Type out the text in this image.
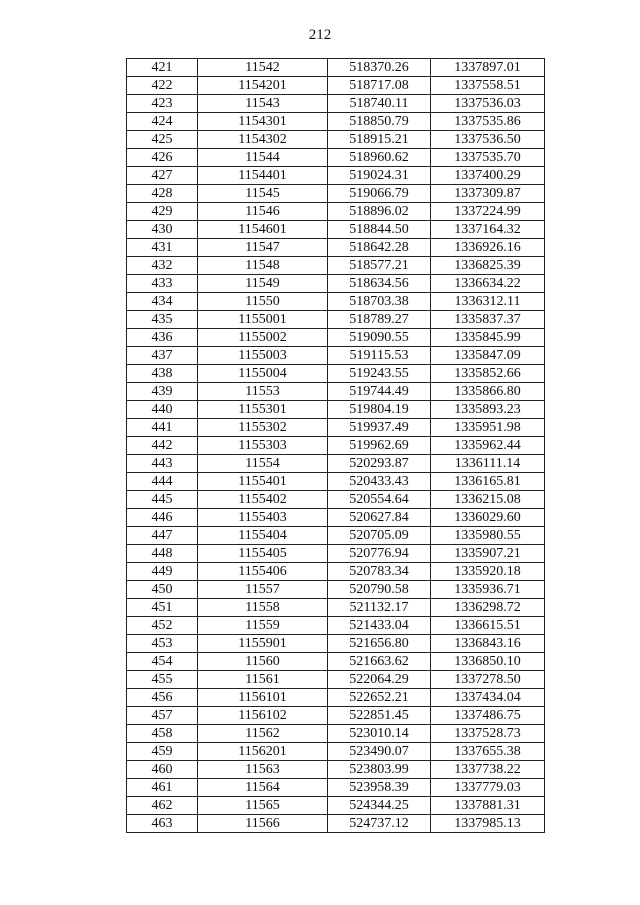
212
421	11542	518370.26	1337897.01
422	1154201	518717.08	1337558.51
423	11543	518740.11	1337536.03
424	1154301	518850.79	1337535.86
425	1154302	518915.21	1337536.50
426	11544	518960.62	1337535.70
427	1154401	519024.31	1337400.29
428	11545	519066.79	1337309.87
429	11546	518896.02	1337224.99
430	1154601	518844.50	1337164.32
431	11547	518642.28	1336926.16
432	11548	518577.21	1336825.39
433	11549	518634.56	1336634.22
434	11550	518703.38	1336312.11
435	1155001	518789.27	1335837.37
436	1155002	519090.55	1335845.99
437	1155003	519115.53	1335847.09
438	1155004	519243.55	1335852.66
439	11553	519744.49	1335866.80
440	1155301	519804.19	1335893.23
441	1155302	519937.49	1335951.98
442	1155303	519962.69	1335962.44
443	11554	520293.87	1336111.14
444	1155401	520433.43	1336165.81
445	1155402	520554.64	1336215.08
446	1155403	520627.84	1336029.60
447	1155404	520705.09	1335980.55
448	1155405	520776.94	1335907.21
449	1155406	520783.34	1335920.18
450	11557	520790.58	1335936.71
451	11558	521132.17	1336298.72
452	11559	521433.04	1336615.51
453	1155901	521656.80	1336843.16
454	11560	521663.62	1336850.10
455	11561	522064.29	1337278.50
456	1156101	522652.21	1337434.04
457	1156102	522851.45	1337486.75
458	11562	523010.14	1337528.73
459	1156201	523490.07	1337655.38
460	11563	523803.99	1337738.22
461	11564	523958.39	1337779.03
462	11565	524344.25	1337881.31
463	11566	524737.12	1337985.13
